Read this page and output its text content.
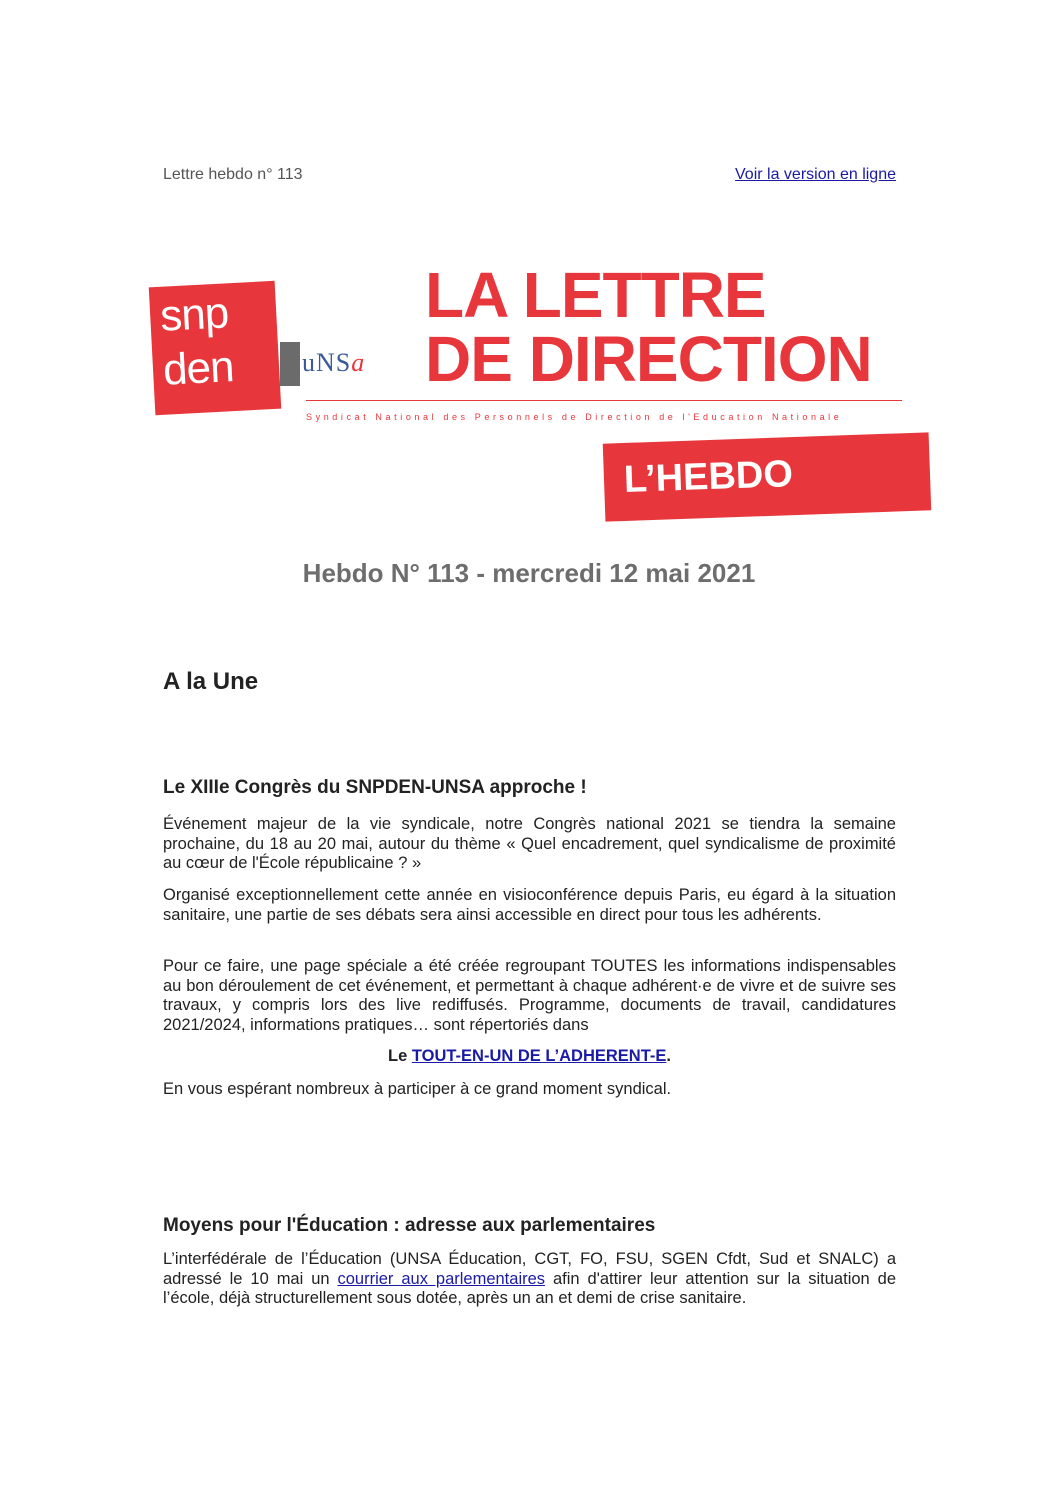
Lettre hebdo n° 113	Voir la version en ligne
snp
den	uNSa
LA LETTRE
DE DIRECTION
Syndicat National des Personnels de Direction de l'Education Nationale
L’HEBDO
Hebdo N° 113 - mercredi 12 mai 2021
A la Une
Le XIIIe Congrès du SNPDEN-UNSA approche !
Événement majeur de la vie syndicale, notre Congrès national 2021 se tiendra la semaine prochaine, du 18 au 20 mai, autour du thème « Quel encadrement, quel syndicalisme de proximité au cœur de l'École républicaine ? »
Organisé exceptionnellement cette année en visioconférence depuis Paris, eu égard à la situation sanitaire, une partie de ses débats sera ainsi accessible en direct pour tous les adhérents.
Pour ce faire, une page spéciale a été créée regroupant TOUTES les informations indispensables au bon déroulement de cet événement, et permettant à chaque adhérent·e de vivre et de suivre ses travaux, y compris lors des live rediffusés. Programme, documents de travail, candidatures 2021/2024, informations pratiques… sont répertoriés dans
Le TOUT-EN-UN DE L’ADHERENT-E.
En vous espérant nombreux à participer à ce grand moment syndical.
Moyens pour l'Éducation : adresse aux parlementaires
L’interfédérale de l’Éducation (UNSA Éducation, CGT, FO, FSU, SGEN Cfdt, Sud et SNALC) a adressé le 10 mai un courrier aux parlementaires afin d'attirer leur attention sur la situation de l’école, déjà structurellement sous dotée, après un an et demi de crise sanitaire.
